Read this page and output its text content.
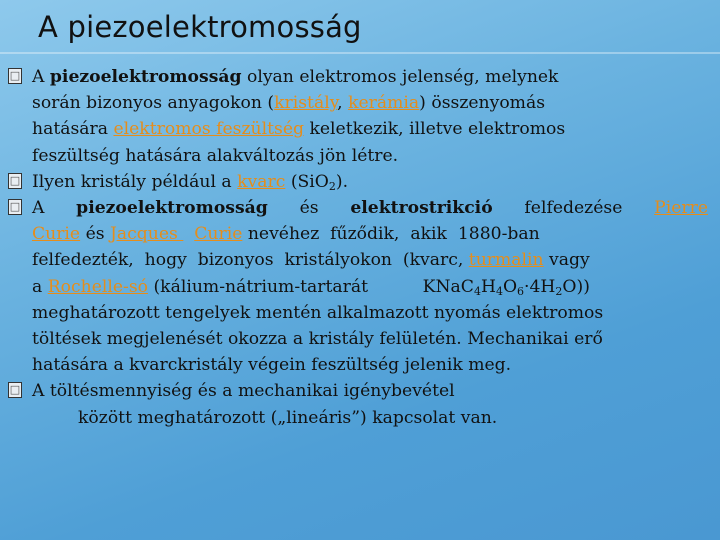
A piezoelektromosság
□ A piezoelektromosság olyan elektromos jelenség, melynek
során bizonyos anyagokon (kristály, kerámia) összenyomás
hatására elektromos feszültség keletkezik, illetve elektromos
feszültség hatására alakváltozás jön létre.
□ Ilyen kristály például a kvarc (SiO$_2$).
□ A piezoelektromosság és elektrostrikció felfedezése Pierre
Curie és Jacques   Curie nevéhez  fűződik,  akik  1880-ban
felfedezték,  hogy  bizonyos  kristályokon  (kvarc, turmalin vagy
a Rochelle-só (kálium-nátrium-tartarát          $KNaC_4H_4O_6\cdot 4H_2O$))
meghatározott tengelyek mentén alkalmazott nyomás elektromos
töltések megjelenését okozza a kristály felületén. Mechanikai erő
hatására a kvarckristály végein feszültség jelenik meg.
□ A töltésmennyiség és a mechanikai igénybevétel
között meghatározott („lineáris”) kapcsolat van.
